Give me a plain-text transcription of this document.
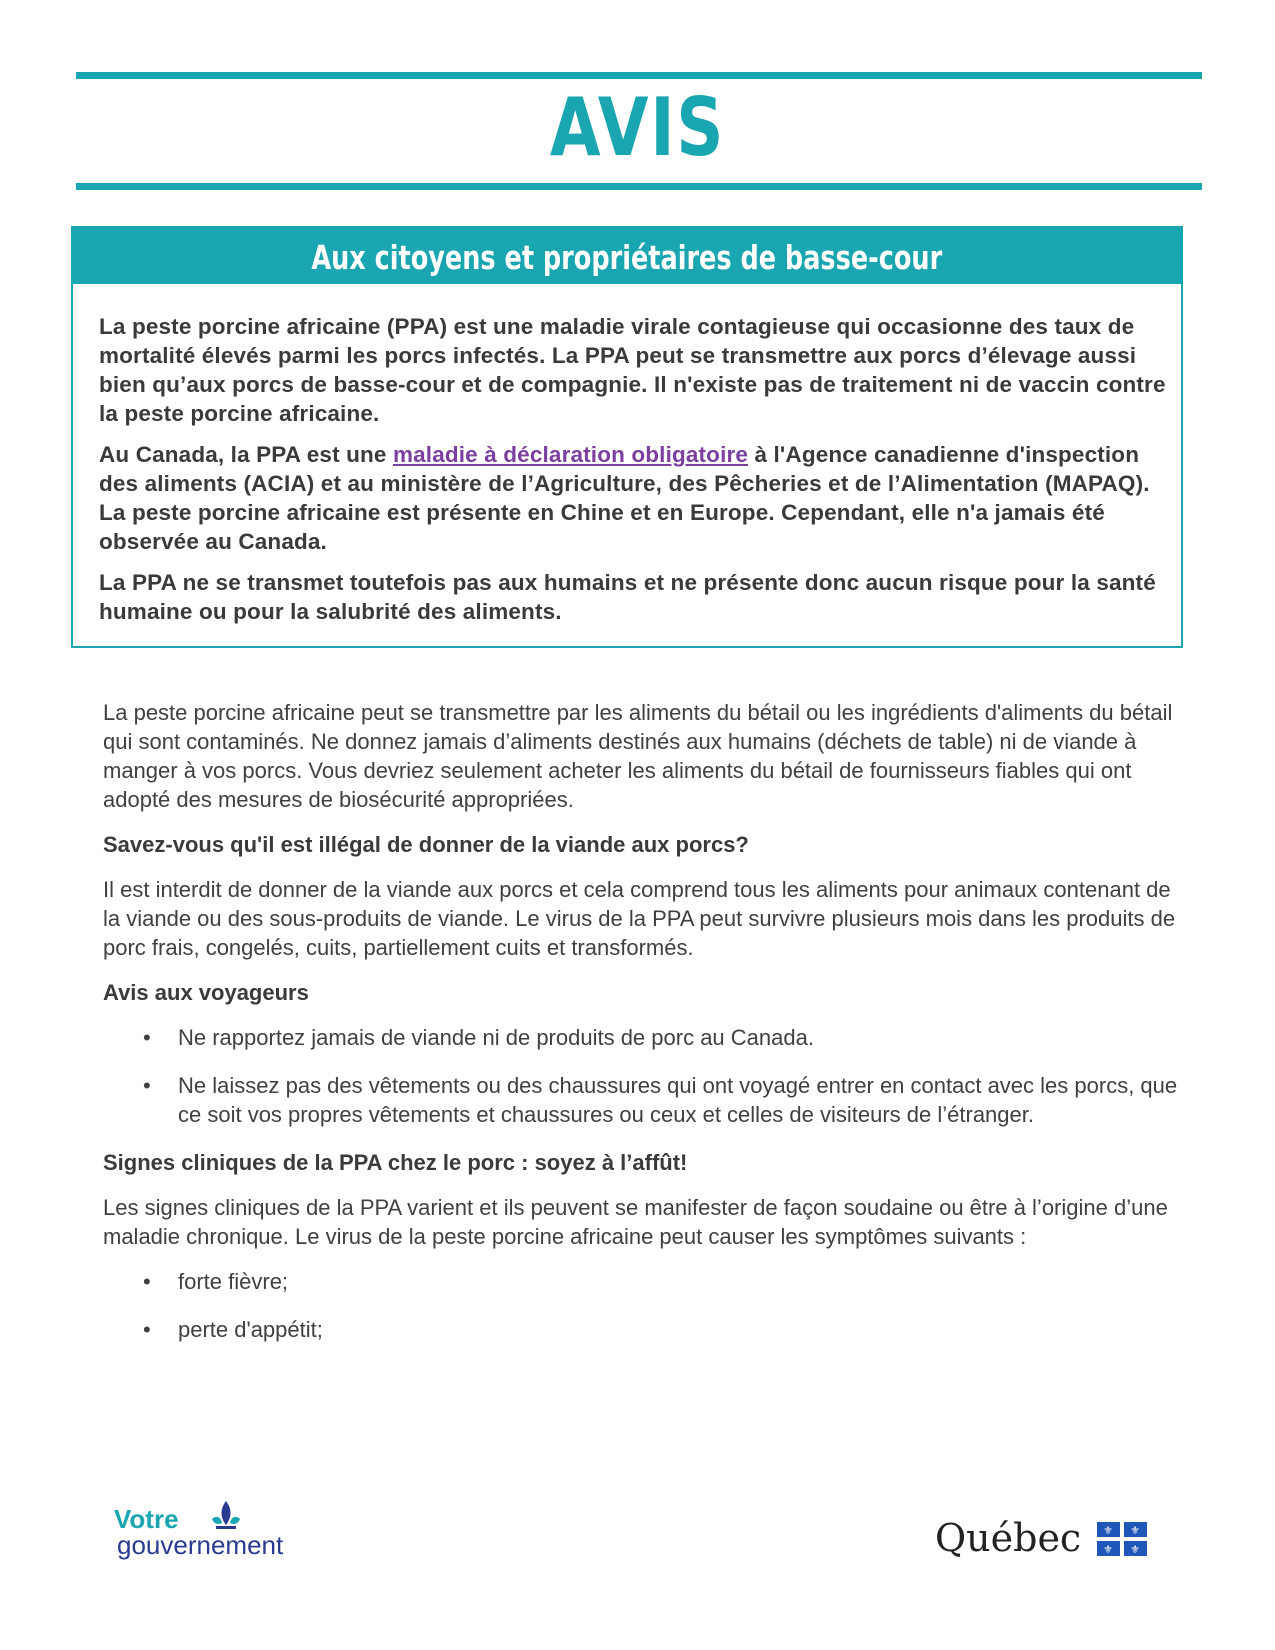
AVIS
Aux citoyens et propriétaires de basse-cour

La peste porcine africaine (PPA) est une maladie virale contagieuse qui occasionne des taux de mortalité élevés parmi les porcs infectés. La PPA peut se transmettre aux porcs d’élevage aussi bien qu’aux porcs de basse-cour et de compagnie. Il n'existe pas de traitement ni de vaccin contre la peste porcine africaine.

Au Canada, la PPA est une maladie à déclaration obligatoire à l'Agence canadienne d'inspection des aliments (ACIA) et au ministère de l’Agriculture, des Pêcheries et de l’Alimentation (MAPAQ). La peste porcine africaine est présente en Chine et en Europe. Cependant, elle n'a jamais été observée au Canada.

La PPA ne se transmet toutefois pas aux humains et ne présente donc aucun risque pour la santé humaine ou pour la salubrité des aliments.

La peste porcine africaine peut se transmettre par les aliments du bétail ou les ingrédients d'aliments du bétail qui sont contaminés. Ne donnez jamais d’aliments destinés aux humains (déchets de table) ni de viande à manger à vos porcs. Vous devriez seulement acheter les aliments du bétail de fournisseurs fiables qui ont adopté des mesures de biosécurité appropriées.

Savez-vous qu'il est illégal de donner de la viande aux porcs?

Il est interdit de donner de la viande aux porcs et cela comprend tous les aliments pour animaux contenant de la viande ou des sous-produits de viande. Le virus de la PPA peut survivre plusieurs mois dans les produits de porc frais, congelés, cuits, partiellement cuits et transformés.

Avis aux voyageurs
• Ne rapportez jamais de viande ni de produits de porc au Canada.
• Ne laissez pas des vêtements ou des chaussures qui ont voyagé entrer en contact avec les porcs, que ce soit vos propres vêtements et chaussures ou ceux et celles de visiteurs de l’étranger.
Signes cliniques de la PPA chez le porc : soyez à l’affût!

Les signes cliniques de la PPA varient et ils peuvent se manifester de façon soudaine ou être à l’origine d’une maladie chronique. Le virus de la peste porcine africaine peut causer les symptômes suivants :

• forte fièvre;
• perte d'appétit;
Votre
gouvernement	Québec ⚜ ⚜
⚜ ⚜
